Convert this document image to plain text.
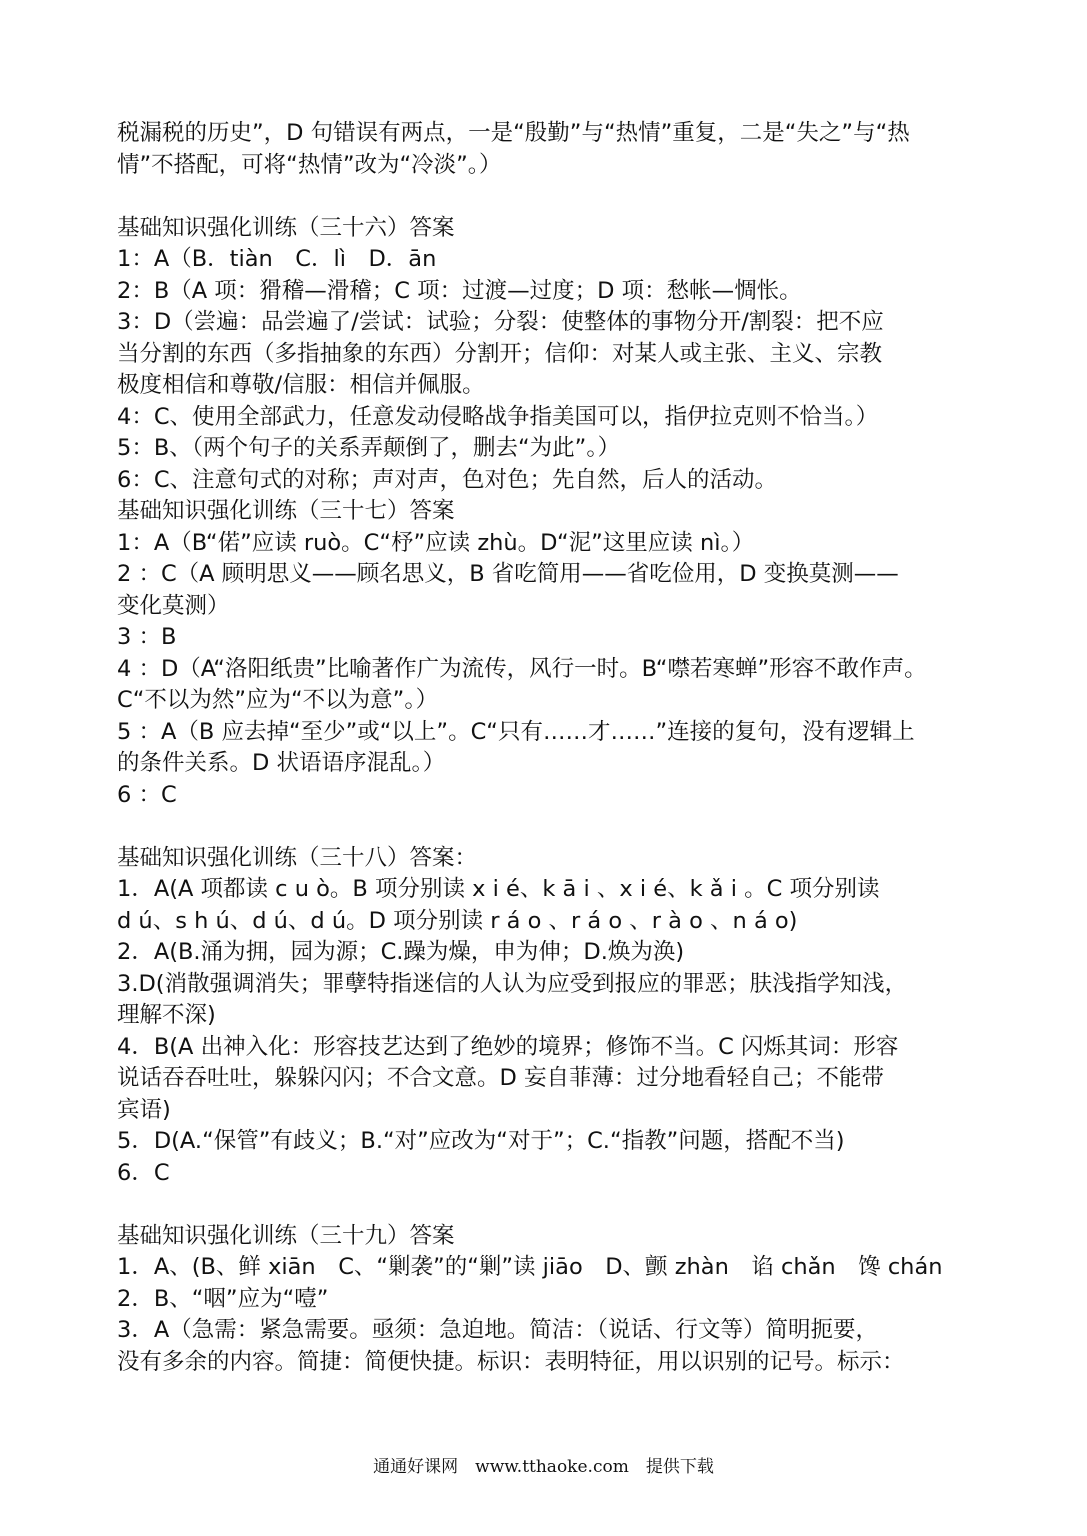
税漏税的历史”，D 句错误有两点，一是“殷勤”与“热情”重复，二是“失之”与“热
情”不搭配，可将“热情”改为“冷淡”。）
基础知识强化训练（三十六）答案
1：A（B．tiàn　C．lì　D．ān
2：B（A 项：猾稽—滑稽；C 项：过渡—过度；D 项：愁帐—惆怅。
3：D（尝遍：品尝遍了/尝试：试验；分裂：使整体的事物分开/割裂：把不应
当分割的东西（多指抽象的东西）分割开；信仰：对某人或主张、主义、宗教
极度相信和尊敬/信服：相信并佩服。
4：C、使用全部武力，任意发动侵略战争指美国可以，指伊拉克则不恰当。）
5：B、（两个句子的关系弄颠倒了，删去“为此”。）
6：C、注意句式的对称；声对声，色对色；先自然，后人的活动。
基础知识强化训练（三十七）答案
1：A（B“偌”应读 ruò。C“杼”应读 zhù。D“泥”这里应读 nì。）
2 ：C（A 顾明思义——顾名思义，B 省吃简用——省吃俭用，D 变换莫测——
变化莫测）
3 ：B
4 ：D（A“洛阳纸贵”比喻著作广为流传，风行一时。B“噤若寒蝉”形容不敢作声。
C“不以为然”应为“不以为意”。）
5 ：A（B 应去掉“至少”或“以上”。C“只有……才……”连接的复句，没有逻辑上
的条件关系。D 状语语序混乱。）
6 ：C
基础知识强化训练（三十八）答案：
1．A(A 项都读 c u ò。B 项分别读 x i é、k ā i 、x i é、k ǎ i 。C 项分别读
d ú、s h ú、d ú、d ú。D 项分别读 r á o 、r á o 、r à o 、n á o)
2．A(B.涌为拥，园为源；C.躁为燥，申为伸；D.焕为涣)
3.D(消散强调消失；罪孽特指迷信的人认为应受到报应的罪恶；肤浅指学知浅，
理解不深)
4．B(A 出神入化：形容技艺达到了绝妙的境界；修饰不当。C 闪烁其词：形容
说话吞吞吐吐，躲躲闪闪；不合文意。D 妄自菲薄：过分地看轻自己；不能带
宾语)
5．D(A.“保管”有歧义；B.“对”应改为“对于”；C.“指教”问题，搭配不当)
6．C
基础知识强化训练（三十九）答案
1．A、(B、鲜 xiān　C、“剿袭”的“剿”读 jiāo　D、颤 zhàn　谄 chǎn　馋 chán
2．B、“咽”应为“噎”
3．A（急需：紧急需要。亟须：急迫地。简洁：（说话、行文等）简明扼要，
没有多余的内容。简捷：简便快捷。标识：表明特征，用以识别的记号。标示：
通通好课网　www.tthaoke.com　提供下载
